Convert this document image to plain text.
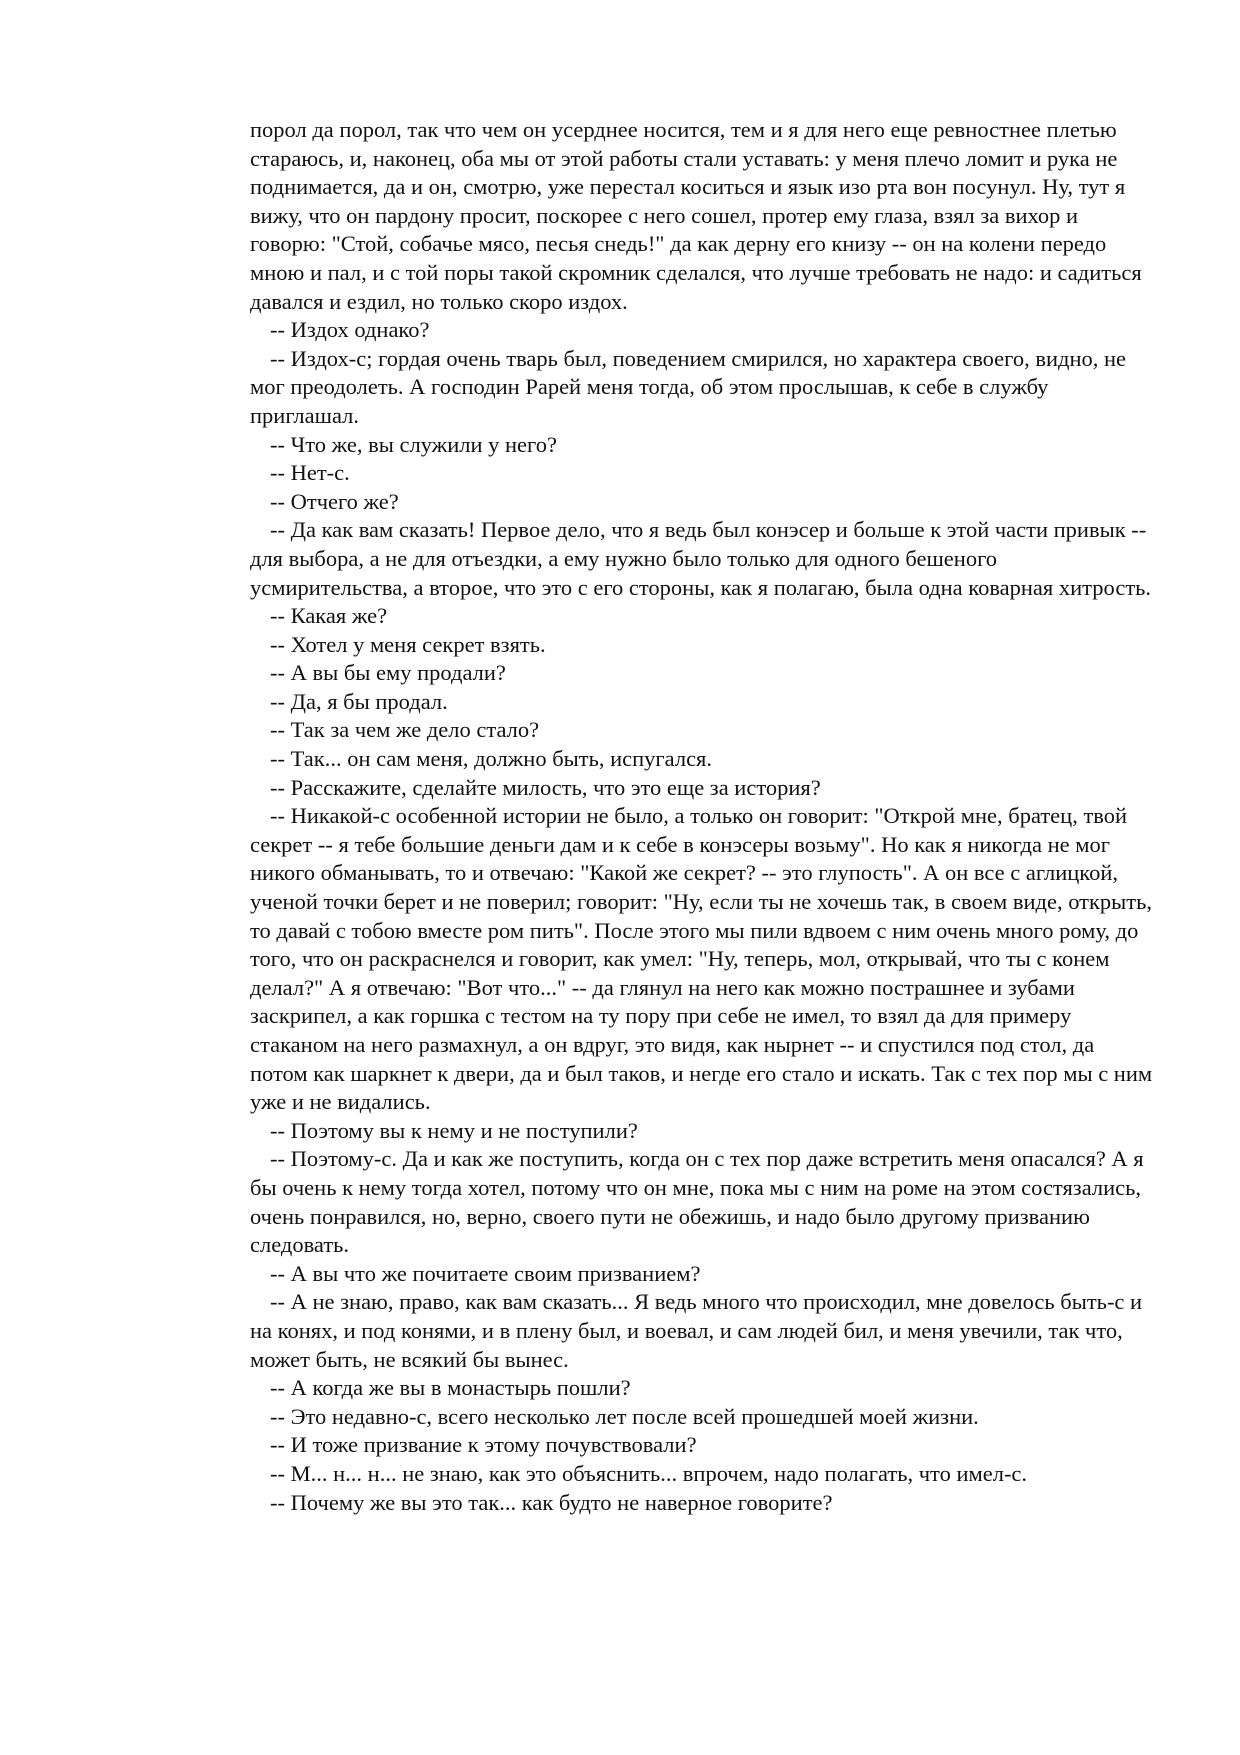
порол да порол, так что чем он усерднее носится, тем и я для него еще ревностнее плетью стараюсь, и, наконец, оба мы от этой работы стали уставать: у меня плечо ломит и рука не поднимается, да и он, смотрю, уже перестал коситься и язык изо рта вон посунул. Ну, тут я вижу, что он пардону просит, поскорее с него сошел, протер ему глаза, взял за вихор и говорю: "Стой, собачье мясо, песья снедь!" да как дерну его книзу -- он на колени передо мною и пал, и с той поры такой скромник сделался, что лучше требовать не надо: и садиться давался и ездил, но только скоро издох.

-- Издох однако?

-- Издох-с; гордая очень тварь был, поведением смирился, но характера своего, видно, не мог преодолеть. А господин Рарей меня тогда, об этом прослышав, к себе в службу приглашал.

-- Что же, вы служили у него?

-- Нет-с.

-- Отчего же?

-- Да как вам сказать! Первое дело, что я ведь был конэсер и больше к этой части привык -- для выбора, а не для отъездки, а ему нужно было только для одного бешеного усмирительства, а второе, что это с его стороны, как я полагаю, была одна коварная хитрость.

-- Какая же?

-- Хотел у меня секрет взять.

-- А вы бы ему продали?

-- Да, я бы продал.

-- Так за чем же дело стало?

-- Так... он сам меня, должно быть, испугался.

-- Расскажите, сделайте милость, что это еще за история?

-- Никакой-с особенной истории не было, а только он говорит: "Открой мне, братец, твой секрет -- я тебе большие деньги дам и к себе в конэсеры возьму". Но как я никогда не мог никого обманывать, то и отвечаю: "Какой же секрет? -- это глупость". А он все с аглицкой, ученой точки берет и не поверил; говорит: "Ну, если ты не хочешь так, в своем виде, открыть, то давай с тобою вместе ром пить". После этого мы пили вдвоем с ним очень много рому, до того, что он раскраснелся и говорит, как умел: "Ну, теперь, мол, открывай, что ты с конем делал?" А я отвечаю: "Вот что..." -- да глянул на него как можно пострашнее и зубами заскрипел, а как горшка с тестом на ту пору при себе не имел, то взял да для примеру стаканом на него размахнул, а он вдруг, это видя, как нырнет -- и спустился под стол, да потом как шаркнет к двери, да и был таков, и негде его стало и искать. Так с тех пор мы с ним уже и не видались.

-- Поэтому вы к нему и не поступили?

-- Поэтому-с. Да и как же поступить, когда он с тех пор даже встретить меня опасался? А я бы очень к нему тогда хотел, потому что он мне, пока мы с ним на роме на этом состязались, очень понравился, но, верно, своего пути не обежишь, и надо было другому призванию следовать.

-- А вы что же почитаете своим призванием?

-- А не знаю, право, как вам сказать... Я ведь много что происходил, мне довелось быть-с и на конях, и под конями, и в плену был, и воевал, и сам людей бил, и меня увечили, так что, может быть, не всякий бы вынес.

-- А когда же вы в монастырь пошли?

-- Это недавно-с, всего несколько лет после всей прошедшей моей жизни.

-- И тоже призвание к этому почувствовали?

-- М... н... н... не знаю, как это объяснить... впрочем, надо полагать, что имел-с.

-- Почему же вы это так... как будто не наверное говорите?
